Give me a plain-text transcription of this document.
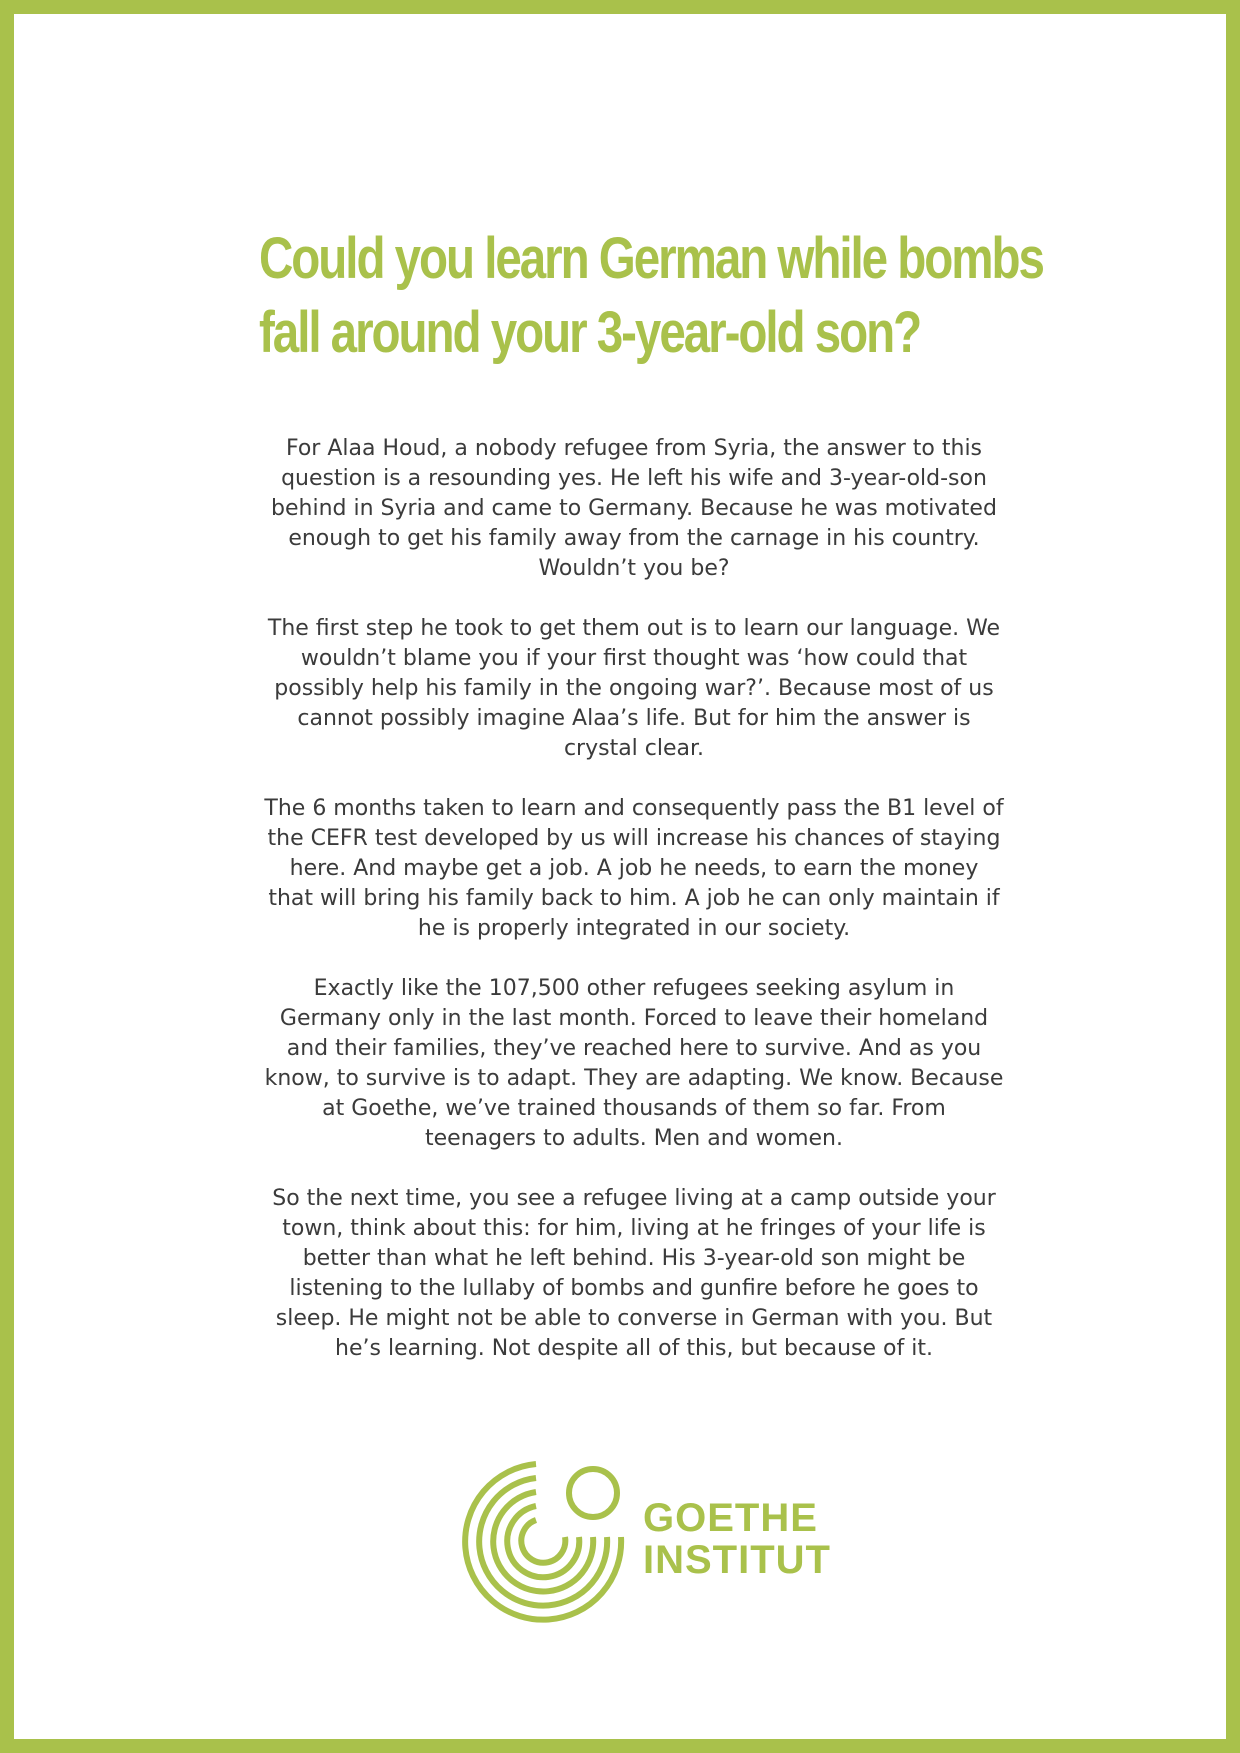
Could you learn German while bombs
fall around your 3-year-old son?

For Alaa Houd, a nobody refugee from Syria, the answer to this question is a resounding yes. He left his wife and 3-year-old-son behind in Syria and came to Germany. Because he was motivated enough to get his family away from the carnage in his country. Wouldn’t you be?

The first step he took to get them out is to learn our language. We wouldn’t blame you if your first thought was ‘how could that possibly help his family in the ongoing war?’. Because most of us cannot possibly imagine Alaa’s life. But for him the answer is crystal clear.

The 6 months taken to learn and consequently pass the B1 level of the CEFR test developed by us will increase his chances of staying here. And maybe get a job. A job he needs, to earn the money that will bring his family back to him. A job he can only maintain if he is properly integrated in our society.

Exactly like the 107,500 other refugees seeking asylum in Germany only in the last month. Forced to leave their homeland and their families, they’ve reached here to survive. And as you know, to survive is to adapt. They are adapting. We know. Because at Goethe, we’ve trained thousands of them so far. From teenagers to adults. Men and women.

So the next time, you see a refugee living at a camp outside your town, think about this: for him, living at he fringes of your life is better than what he left behind. His 3-year-old son might be listening to the lullaby of bombs and gunfire before he goes to sleep. He might not be able to converse in German with you. But he’s learning. Not despite all of this, but because of it.

GOETHE
INSTITUT
